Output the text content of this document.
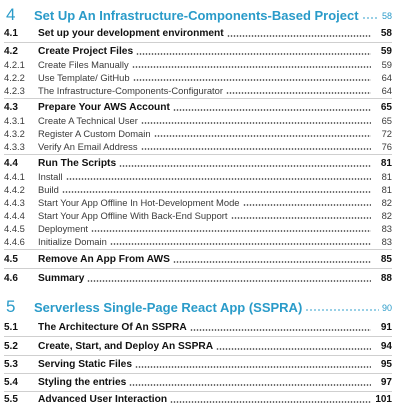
4	Set Up An Infrastructure-Components-Based Project	58
4.1	Set up your development environment	58
4.2	Create Project Files	59
4.2.1	Create Files Manually	59
4.2.2	Use Template/ GitHub	64
4.2.3	The Infrastructure-Components-Configurator	64
4.3	Prepare Your AWS Account	65
4.3.1	Create A Technical User	65
4.3.2	Register A Custom Domain	72
4.3.3	Verify An Email Address	76
4.4	Run The Scripts	81
4.4.1	Install	81
4.4.2	Build	81
4.4.3	Start Your App Offline In Hot-Development Mode	82
4.4.4	Start Your App Offline With Back-End Support	82
4.4.5	Deployment	83
4.4.6	Initialize Domain	83
4.5	Remove An App From AWS	85
4.6	Summary	88
5	Serverless Single-Page React App (SSPRA)	90
5.1	The Architecture Of An SSPRA	91
5.2	Create, Start, and Deploy An SSPRA	94
5.3	Serving Static Files	95
5.4	Styling the entries	97
5.5	Advanced User Interaction	101
